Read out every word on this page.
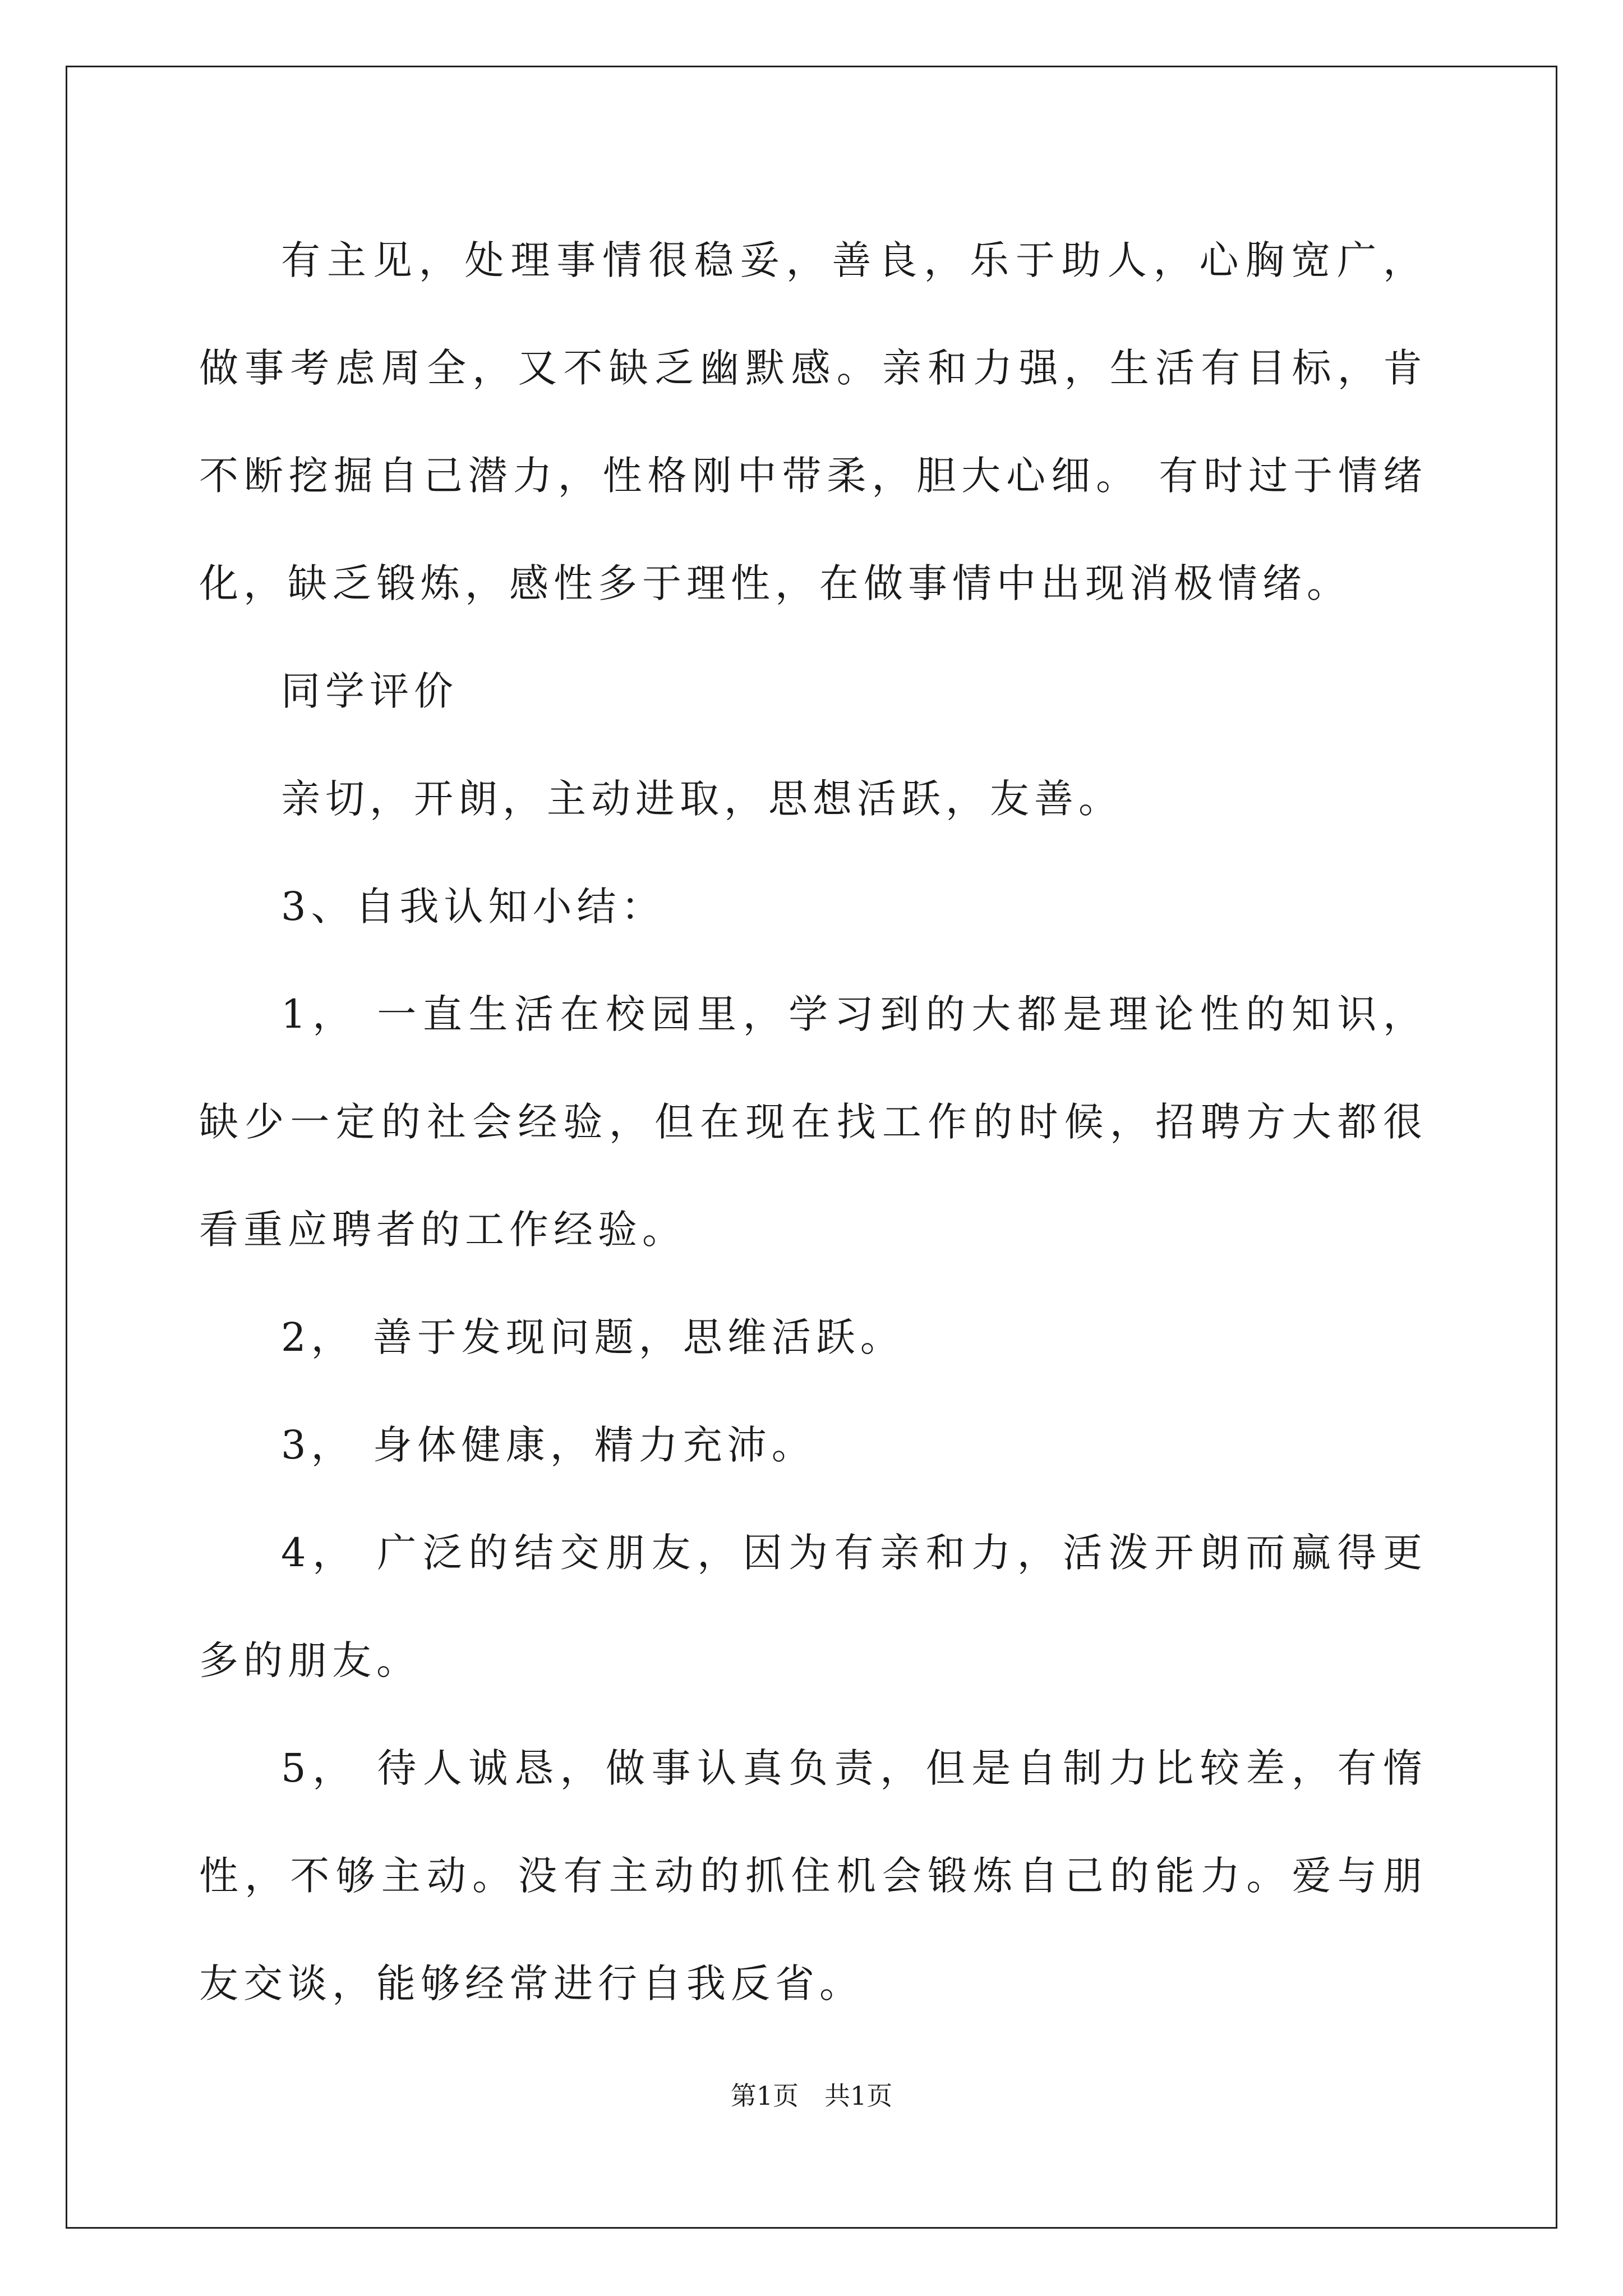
有主见，处理事情很稳妥，善良，乐于助人，心胸宽广，做事考虑周全，又不缺乏幽默感。亲和力强，生活有目标，肯不断挖掘自己潜力，性格刚中带柔，胆大心细。 有时过于情绪化，缺乏锻炼，感性多于理性，在做事情中出现消极情绪。

同学评价

亲切，开朗，主动进取，思想活跃，友善。

3、自我认知小结：

1， 一直生活在校园里，学习到的大都是理论性的知识，缺少一定的社会经验，但在现在找工作的时候，招聘方大都很看重应聘者的工作经验。

2， 善于发现问题，思维活跃。

3， 身体健康，精力充沛。

4， 广泛的结交朋友，因为有亲和力，活泼开朗而赢得更多的朋友。

5， 待人诚恳，做事认真负责，但是自制力比较差，有惰性，不够主动。没有主动的抓住机会锻炼自己的能力。爱与朋友交谈，能够经常进行自我反省。

第1页　共1页
